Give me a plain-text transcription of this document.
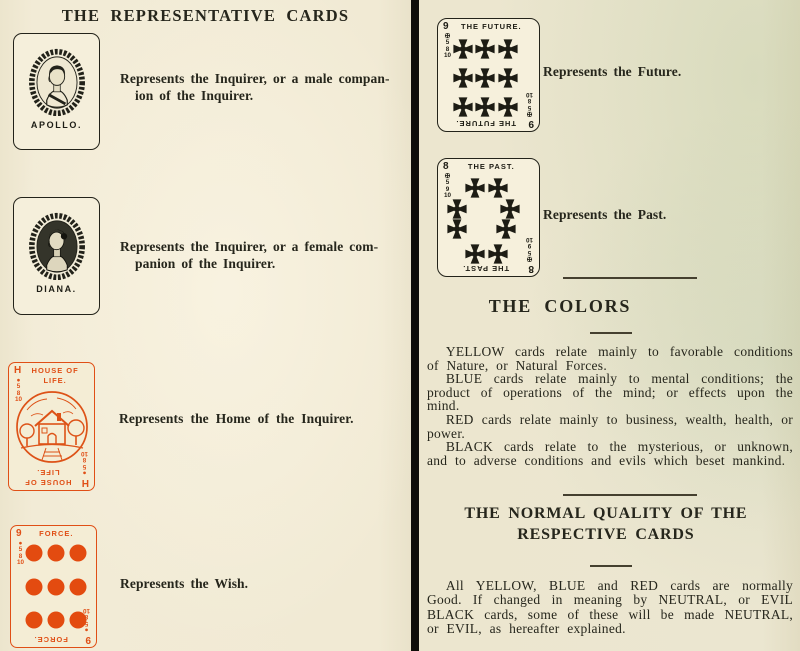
THE REPRESENTATIVE CARDS
APOLLO.
Represents the Inquirer, or a male compan-
ion of the Inquirer.
DIANA.
Represents the Inquirer, or a female com-
panion of the Inquirer.
H	HOUSE OF LIFE.
●
5
8
10
H
HOUSE OF LIFE.	●
5
8
10
Represents the Home of the Inquirer.
9	FORCE.
●
5
8
10
9
FORCE.
●
5
8
10
Represents the Wish.
9	THE FUTURE.
✠
5
8
10
9
THE FUTURE.
✠
5
8
10
Represents the Future.
8	THE PAST.
✠
5
9
10
8
THE PAST.
✠
5
9
10
Represents the Past.
THE COLORS

YELLOW cards relate mainly to favorable conditions of Nature, or Natural Forces.

BLUE cards relate mainly to mental conditions; the product of operations of the mind; or effects upon the mind.

RED cards relate mainly to business, wealth, health, or power.

BLACK cards relate to the mysterious, or unknown, and to adverse conditions and evils which beset mankind.

THE NORMAL QUALITY OF THE
RESPECTIVE CARDS

All YELLOW, BLUE and RED cards are normally Good. If changed in meaning by NEUTRAL, or EVIL BLACK cards, some of these will be made NEUTRAL, or EVIL, as hereafter explained.
